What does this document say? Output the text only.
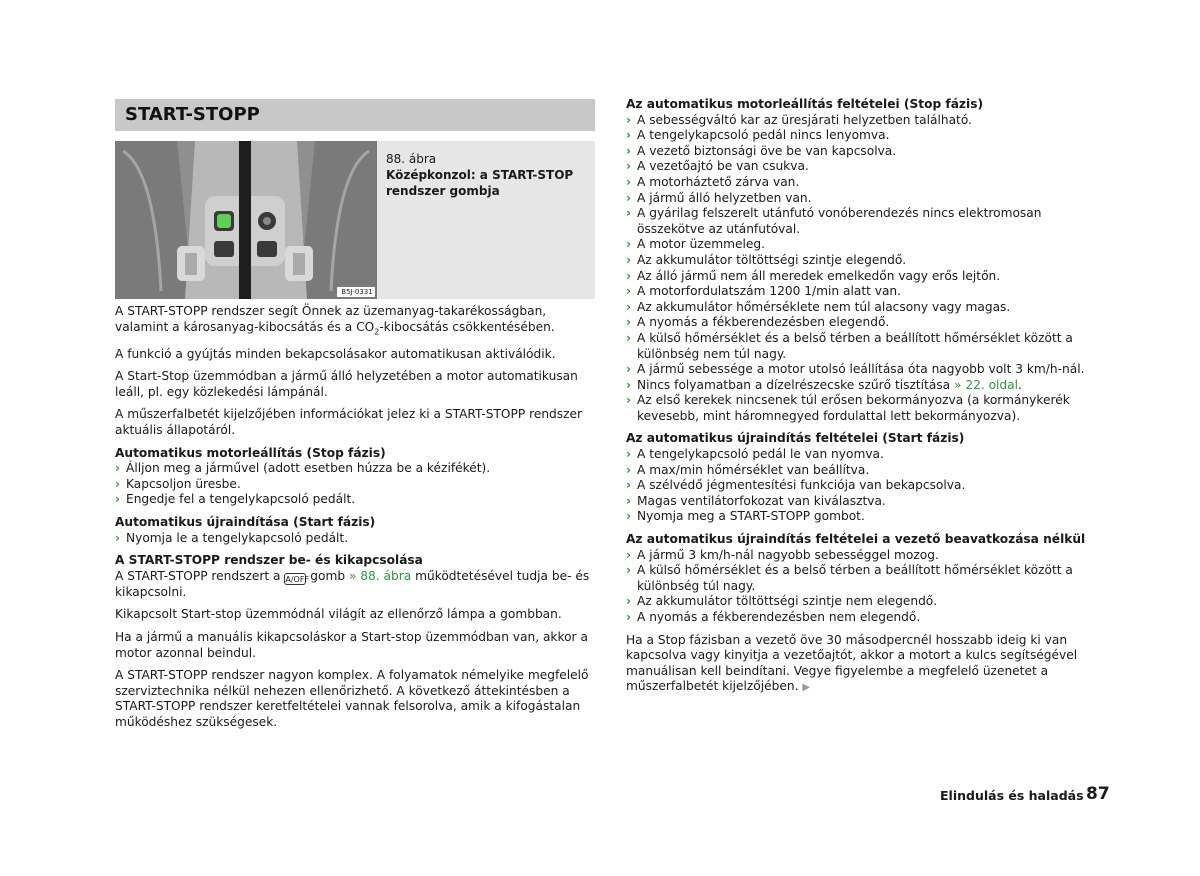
START-STOPP
B5J-0331
88. ábra
Középkonzol: a START-STOP rendszer gombja

A START-STOPP rendszer segít Önnek az üzemanyag-takarékosságban, valamint a károsanyag-kibocsátás és a $CO_2$-kibocsátás csökkentésében.

A funkció a gyújtás minden bekapcsolásakor automatikusan aktiválódik.

A Start-Stop üzemmódban a jármű álló helyzetében a motor automatikusan leáll, pl. egy közlekedési lámpánál.

A műszerfalbetét kijelzőjében információkat jelez ki a START-STOPP rendszer aktuális állapotáról.

Automatikus motorleállítás (Stop fázis)
› Álljon meg a járművel (adott esetben húzza be a kézifékét).
› Kapcsoljon üresbe.
› Engedje fel a tengelykapcsoló pedált.
Automatikus újraindítása (Start fázis)
› Nyomja le a tengelykapcsoló pedált.
A START-STOPP rendszer be- és kikapcsolása

A START-STOPP rendszert a A/OFF gomb » 88. ábra működtetésével tudja be- és kikapcsolni.

Kikapcsolt Start-stop üzemmódnál világít az ellenőrző lámpa a gombban.

Ha a jármű a manuális kikapcsoláskor a Start-stop üzemmódban van, akkor a motor azonnal beindul.

A START-STOPP rendszer nagyon komplex. A folyamatok némelyike megfelelő szerviztechnika nélkül nehezen ellenőrizhető. A következő áttekintésben a START-STOPP rendszer keretfeltételei vannak felsorolva, amik a kifogástalan működéshez szükségesek.

Az automatikus motorleállítás feltételei (Stop fázis)
› A sebességváltó kar az üresjárati helyzetben található.
› A tengelykapcsoló pedál nincs lenyomva.
› A vezető biztonsági öve be van kapcsolva.
› A vezetőajtó be van csukva.
› A motorháztető zárva van.
› A jármű álló helyzetben van.
› A gyárilag felszerelt utánfutó vonóberendezés nincs elektromosan összekötve az utánfutóval.
› A motor üzemmeleg.
› Az akkumulátor töltöttségi szintje elegendő.
› Az álló jármű nem áll meredek emelkedőn vagy erős lejtőn.
› A motorfordulatszám 1200 1/min alatt van.
› Az akkumulátor hőmérséklete nem túl alacsony vagy magas.
› A nyomás a fékberendezésben elegendő.
› A külső hőmérséklet és a belső térben a beállított hőmérséklet között a különbség nem túl nagy.
› A jármű sebessége a motor utolsó leállítása óta nagyobb volt 3 km/h-nál.
› Nincs folyamatban a dízelrészecske szűrő tisztítása » 22. oldal.
› Az első kerekek nincsenek túl erősen bekormányozva (a kormánykerék kevesebb, mint háromnegyed fordulattal lett bekormányozva).
Az automatikus újraindítás feltételei (Start fázis)
› A tengelykapcsoló pedál le van nyomva.
› A max/min hőmérséklet van beállítva.
› A szélvédő jégmentesítési funkciója van bekapcsolva.
› Magas ventilátorfokozat van kiválasztva.
› Nyomja meg a START-STOPP gombot.
Az automatikus újraindítás feltételei a vezető beavatkozása nélkül
› A jármű 3 km/h-nál nagyobb sebességgel mozog.
› A külső hőmérséklet és a belső térben a beállított hőmérséklet között a különbség túl nagy.
› Az akkumulátor töltöttségi szintje nem elegendő.
› A nyomás a fékberendezésben nem elegendő.

Ha a Stop fázisban a vezető öve 30 másodpercnél hosszabb ideig ki van kapcsolva vagy kinyitja a vezetőajtót, akkor a motort a kulcs segítségével manuálisan kell beindítani. Vegye figyelembe a megfelelő üzenetet a műszerfalbetét kijelzőjében. ▶

Elindulás és haladás 87
